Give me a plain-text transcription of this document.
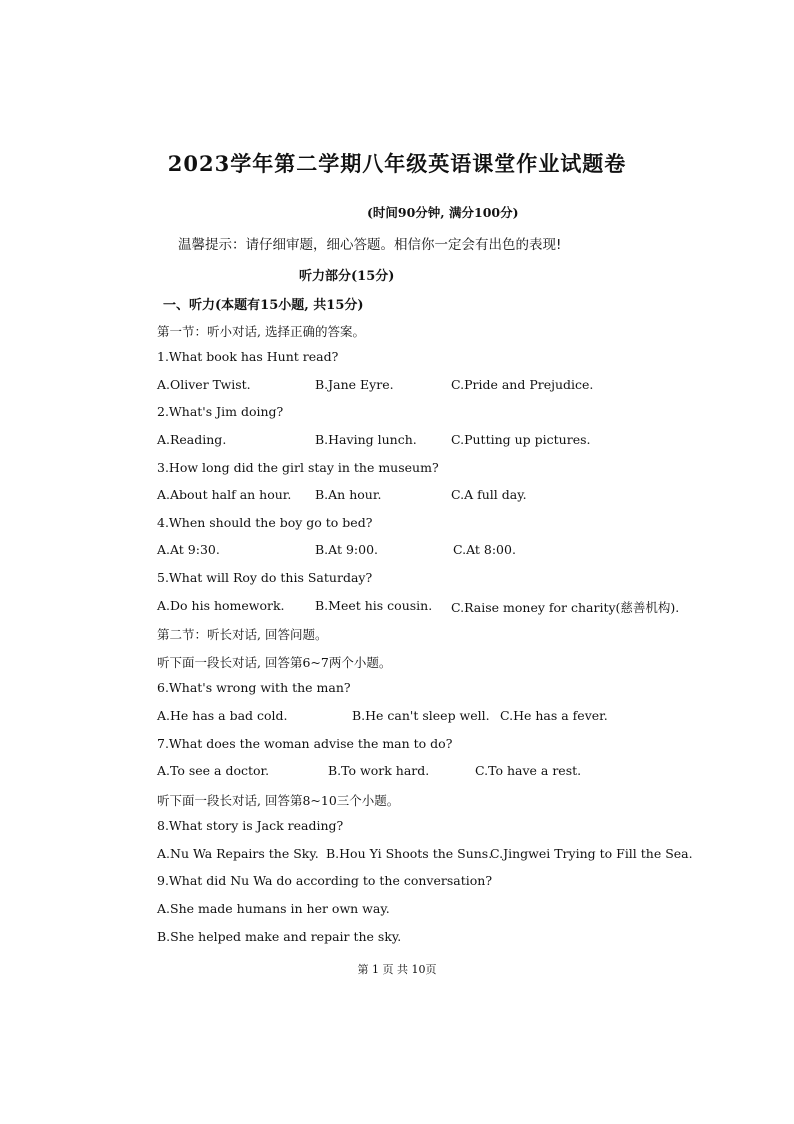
2023学年第二学期八年级英语课堂作业试题卷
(时间90分钟, 满分100分)
温馨提示：请仔细审题，细心答题。相信你一定会有出色的表现!
听力部分(15分)
一、听力(本题有15小题, 共15分)
第一节：听小对话, 选择正确的答案。
1.What book has Hunt read?
A.Oliver Twist.	B.Jane Eyre.	C.Pride and Prejudice.
2.What's Jim doing?
A.Reading.	B.Having lunch.	C.Putting up pictures.
3.How long did the girl stay in the museum?
A.About half an hour. B.An hour.	C.A full day.
4.When should the boy go to bed?
A.At 9:30.	B.At 9:00.	C.At 8:00.
5.What will Roy do this Saturday?
A.Do his homework. B.Meet his cousin. C.Raise money for charity(慈善机构).
第二节：听长对话, 回答问题。
听下面一段长对话, 回答第6~7两个小题。
6.What's wrong with the man?
A.He has a bad cold.	B.He can't sleep well. C.He has a fever.
7.What does the woman advise the man to do?
A.To see a doctor.	B.To work hard.	C.To have a rest.
听下面一段长对话, 回答第8~10三个小题。
8.What story is Jack reading?
A.Nu Wa Repairs the Sky. B.Hou Yi Shoots the Suns.
C.Jingwei Trying to Fill the Sea.
9.What did Nu Wa do according to the conversation?
A.She made humans in her own way.
B.She helped make and repair the sky.
第 1 页 共 10页
